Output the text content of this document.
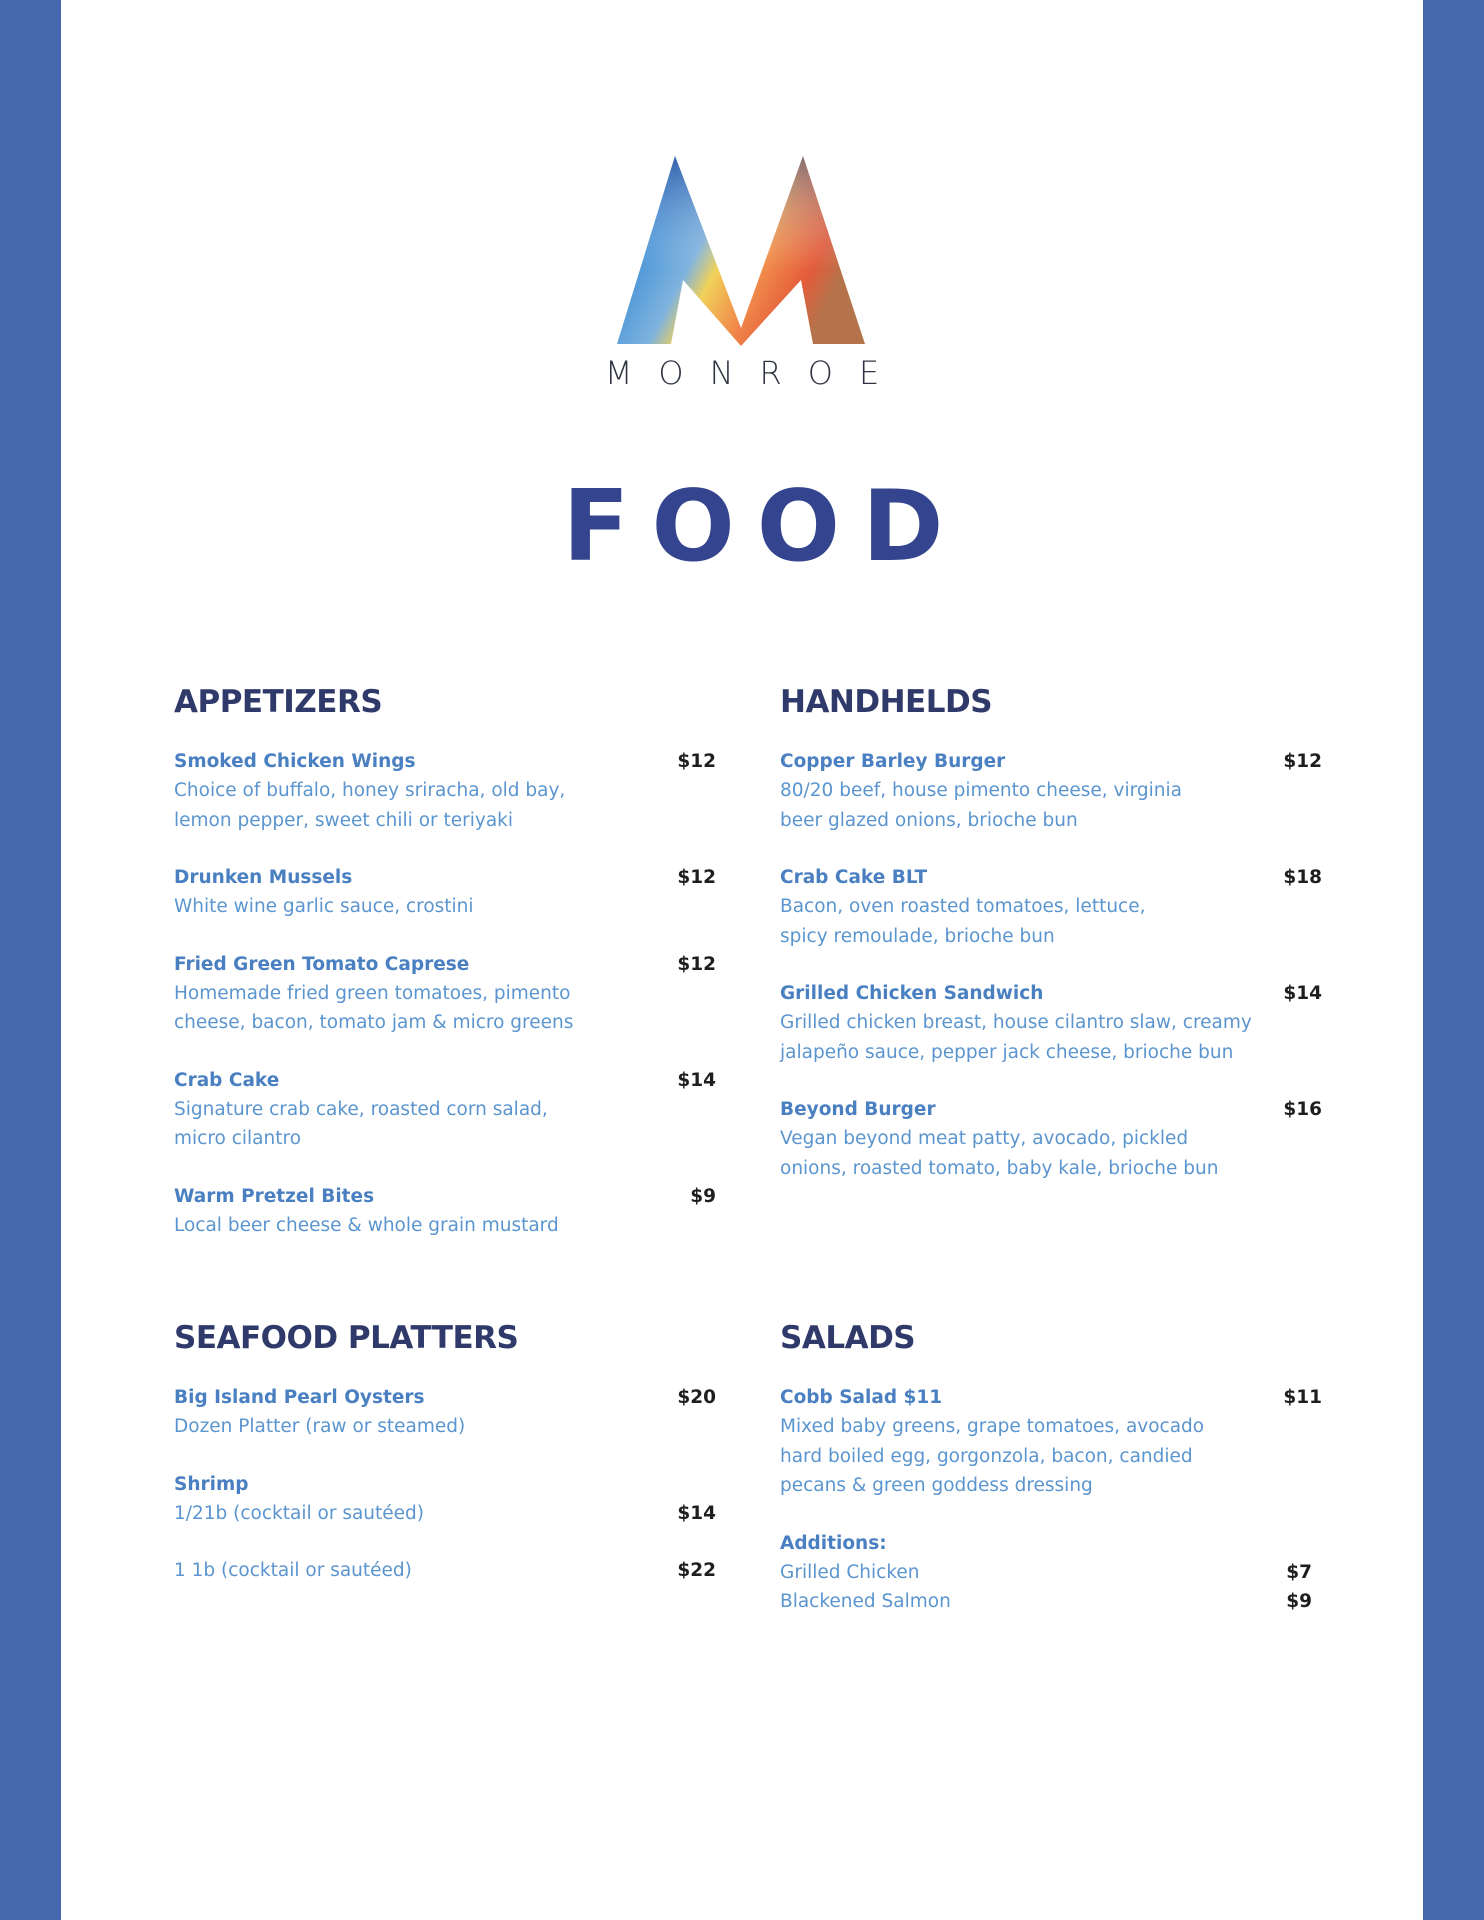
MONROE
FOOD
APPETIZERS
Smoked Chicken Wings	$12
Choice of buffalo, honey sriracha, old bay,
lemon pepper, sweet chili or teriyaki
Drunken Mussels	$12
White wine garlic sauce, crostini
Fried Green Tomato Caprese	$12
Homemade fried green tomatoes, pimento
cheese, bacon, tomato jam & micro greens
Crab Cake	$14
Signature crab cake, roasted corn salad,
micro cilantro
Warm Pretzel Bites	$9
Local beer cheese & whole grain mustard
HANDHELDS
Copper Barley Burger	$12
80/20 beef, house pimento cheese, virginia
beer glazed onions, brioche bun
Crab Cake BLT	$18
Bacon, oven roasted tomatoes, lettuce,
spicy remoulade, brioche bun
Grilled Chicken Sandwich	$14
Grilled chicken breast, house cilantro slaw, creamy
jalapeño sauce, pepper jack cheese, brioche bun
Beyond Burger	$16
Vegan beyond meat patty, avocado, pickled
onions, roasted tomato, baby kale, brioche bun
SEAFOOD PLATTERS
Big Island Pearl Oysters	$20
Dozen Platter (raw or steamed)
Shrimp
1/21b (cocktail or sautéed)	$14
1 1b (cocktail or sautéed)	$22
SALADS
Cobb Salad $11	$11
Mixed baby greens, grape tomatoes, avocado
hard boiled egg, gorgonzola, bacon, candied
pecans & green goddess dressing
Additions:
Grilled Chicken	$7
Blackened Salmon	$9
